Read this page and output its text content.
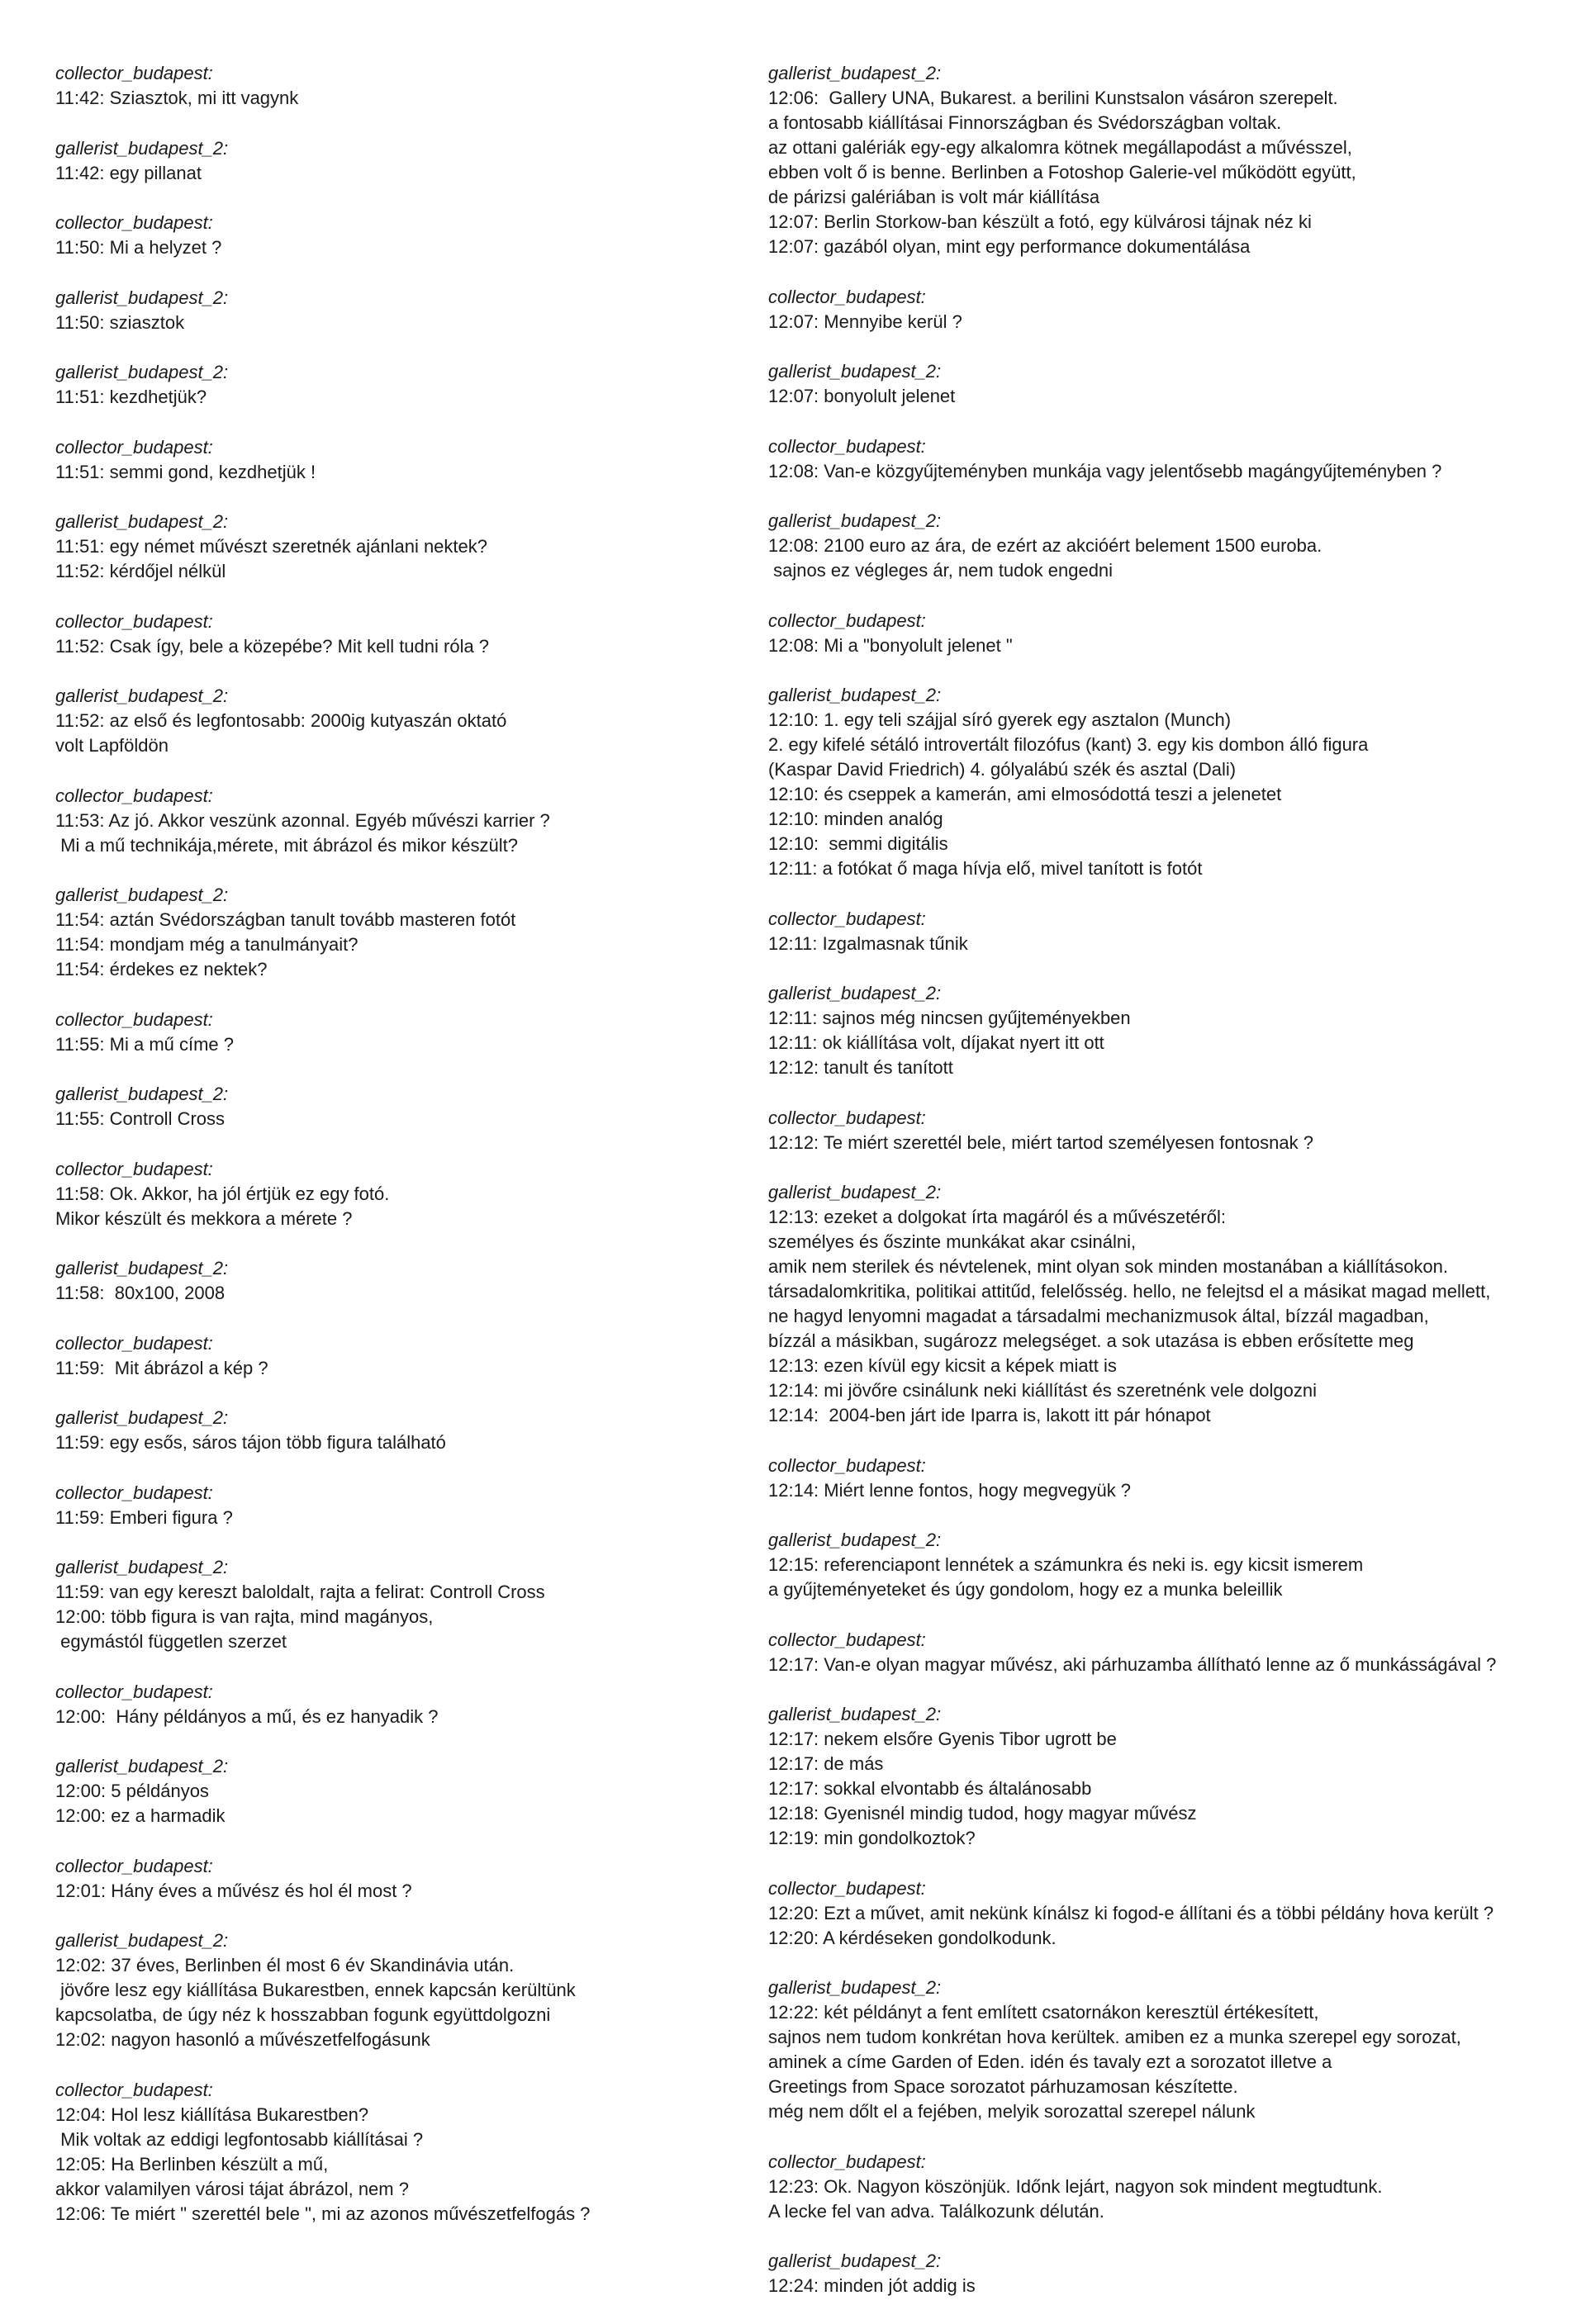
collector_budapest:
11:42: Sziasztok, mi itt vagynk
gallerist_budapest_2:
11:42: egy pillanat
collector_budapest:
11:50: Mi a helyzet ?
gallerist_budapest_2:
11:50: sziasztok
gallerist_budapest_2:
11:51: kezdhetjük?
collector_budapest:
11:51: semmi gond, kezdhetjük !
gallerist_budapest_2:
11:51: egy német művészt szeretnék ajánlani nektek?
11:52: kérdőjel nélkül
collector_budapest:
11:52: Csak így, bele a közepébe? Mit kell tudni róla ?
gallerist_budapest_2:
11:52: az első és legfontosabb: 2000ig kutyaszán oktató
volt Lapföldön
collector_budapest:
11:53: Az jó. Akkor veszünk azonnal. Egyéb művészi karrier ?
Mi a mű technikája,mérete, mit ábrázol és mikor készült?
gallerist_budapest_2:
11:54: aztán Svédországban tanult tovább masteren fotót
11:54: mondjam még a tanulmányait?
11:54: érdekes ez nektek?
collector_budapest:
11:55: Mi a mű címe ?
gallerist_budapest_2:
11:55: Controll Cross
collector_budapest:
11:58: Ok. Akkor, ha jól értjük ez egy fotó.
Mikor készült és mekkora a mérete ?
gallerist_budapest_2:
11:58:  80x100, 2008
collector_budapest:
11:59:  Mit ábrázol a kép ?
gallerist_budapest_2:
11:59: egy esős, sáros tájon több figura található
collector_budapest:
11:59: Emberi figura ?
gallerist_budapest_2:
11:59: van egy kereszt baloldalt, rajta a felirat: Controll Cross
12:00: több figura is van rajta, mind magányos,
egymástól független szerzet
collector_budapest:
12:00:  Hány példányos a mű, és ez hanyadik ?
gallerist_budapest_2:
12:00: 5 példányos
12:00: ez a harmadik
collector_budapest:
12:01: Hány éves a művész és hol él most ?
gallerist_budapest_2:
12:02: 37 éves, Berlinben él most 6 év Skandinávia után.
jövőre lesz egy kiállítása Bukarestben, ennek kapcsán kerültünk
kapcsolatba, de úgy néz k hosszabban fogunk együttdolgozni
12:02: nagyon hasonló a művészetfelfogásunk
collector_budapest:
12:04: Hol lesz kiállítása Bukarestben?
Mik voltak az eddigi legfontosabb kiállításai ?
12:05: Ha Berlinben készült a mű,
akkor valamilyen városi tájat ábrázol, nem ?
12:06: Te miért " szerettél bele ", mi az azonos művészetfelfogás ?
gallerist_budapest_2:
12:06:  Gallery UNA, Bukarest. a berilini Kunstsalon vásáron szerepelt.
a fontosabb kiállításai Finnországban és Svédországban voltak.
az ottani galériák egy-egy alkalomra kötnek megállapodást a művésszel,
ebben volt ő is benne. Berlinben a Fotoshop Galerie-vel működött együtt,
de párizsi galériában is volt már kiállítása
12:07: Berlin Storkow-ban készült a fotó, egy külvárosi tájnak néz ki
12:07: gazából olyan, mint egy performance dokumentálása
collector_budapest:
12:07: Mennyibe kerül ?
gallerist_budapest_2:
12:07: bonyolult jelenet
collector_budapest:
12:08: Van-e közgyűjteményben munkája vagy jelentősebb magángyűjteményben ?
gallerist_budapest_2:
12:08: 2100 euro az ára, de ezért az akcióért belement 1500 euroba.
sajnos ez végleges ár, nem tudok engedni
collector_budapest:
12:08: Mi a "bonyolult jelenet "
gallerist_budapest_2:
12:10: 1. egy teli szájjal síró gyerek egy asztalon (Munch)
2. egy kifelé sétáló introvertált filozófus (kant) 3. egy kis dombon álló figura
(Kaspar David Friedrich) 4. gólyalábú szék és asztal (Dali)
12:10: és cseppek a kamerán, ami elmosódottá teszi a jelenetet
12:10: minden analóg
12:10:  semmi digitális
12:11: a fotókat ő maga hívja elő, mivel tanított is fotót
collector_budapest:
12:11: Izgalmasnak tűnik
gallerist_budapest_2:
12:11: sajnos még nincsen gyűjteményekben
12:11: ok kiállítása volt, díjakat nyert itt ott
12:12: tanult és tanított
collector_budapest:
12:12: Te miért szerettél bele, miért tartod személyesen fontosnak ?
gallerist_budapest_2:
12:13: ezeket a dolgokat írta magáról és a művészetéről:
személyes és őszinte munkákat akar csinálni,
amik nem sterilek és névtelenek, mint olyan sok minden mostanában a kiállításokon.
társadalomkritika, politikai attitűd, felelősség. hello, ne felejtsd el a másikat magad mellett,
ne hagyd lenyomni magadat a társadalmi mechanizmusok által, bízzál magadban,
bízzál a másikban, sugározz melegséget. a sok utazása is ebben erősítette meg
12:13: ezen kívül egy kicsit a képek miatt is
12:14: mi jövőre csinálunk neki kiállítást és szeretnénk vele dolgozni
12:14:  2004-ben járt ide Iparra is, lakott itt pár hónapot
collector_budapest:
12:14: Miért lenne fontos, hogy megvegyük ?
gallerist_budapest_2:
12:15: referenciapont lennétek a számunkra és neki is. egy kicsit ismerem
a gyűjteményeteket és úgy gondolom, hogy ez a munka beleillik
collector_budapest:
12:17: Van-e olyan magyar művész, aki párhuzamba állítható lenne az ő munkásságával ?
gallerist_budapest_2:
12:17: nekem elsőre Gyenis Tibor ugrott be
12:17: de más
12:17: sokkal elvontabb és általánosabb
12:18: Gyenisnél mindig tudod, hogy magyar művész
12:19: min gondolkoztok?
collector_budapest:
12:20: Ezt a művet, amit nekünk kínálsz ki fogod-e állítani és a többi példány hova került ?
12:20: A kérdéseken gondolkodunk.
gallerist_budapest_2:
12:22: két példányt a fent említett csatornákon keresztül értékesített,
sajnos nem tudom konkrétan hova kerültek. amiben ez a munka szerepel egy sorozat,
aminek a címe Garden of Eden. idén és tavaly ezt a sorozatot illetve a
Greetings from Space sorozatot párhuzamosan készítette.
még nem dőlt el a fejében, melyik sorozattal szerepel nálunk
collector_budapest:
12:23: Ok. Nagyon köszönjük. Időnk lejárt, nagyon sok mindent megtudtunk.
A lecke fel van adva. Találkozunk délután.
gallerist_budapest_2:
12:24: minden jót addig is
